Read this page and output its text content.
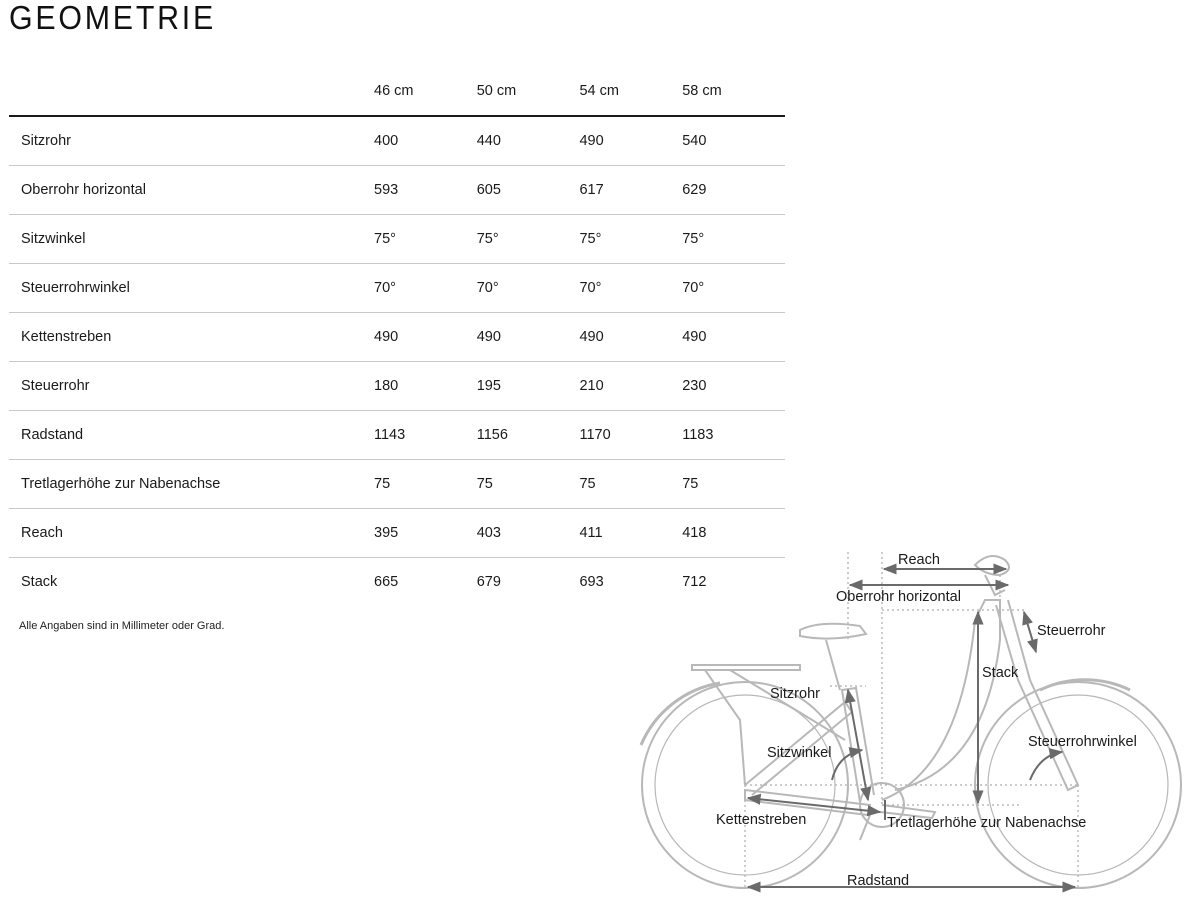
GEOMETRIE
	46 cm	50 cm	54 cm	58 cm
Sitzrohr	400	440	490	540
Oberrohr horizontal	593	605	617	629
Sitzwinkel	75°	75°	75°	75°
Steuerrohrwinkel	70°	70°	70°	70°
Kettenstreben	490	490	490	490
Steuerrohr	180	195	210	230
Radstand	1143	1156	1170	1183
Tretlagerhöhe zur Nabenachse	75	75	75	75
Reach	395	403	411	418
Stack	665	679	693	712
Alle Angaben sind in Millimeter oder Grad.
Reach
Oberrohr horizontal
Steuerrohr
Stack
Sitzrohr
Sitzwinkel
Steuerrohrwinkel
Kettenstreben	Tretlagerhöhe zur Nabenachse
Radstand
